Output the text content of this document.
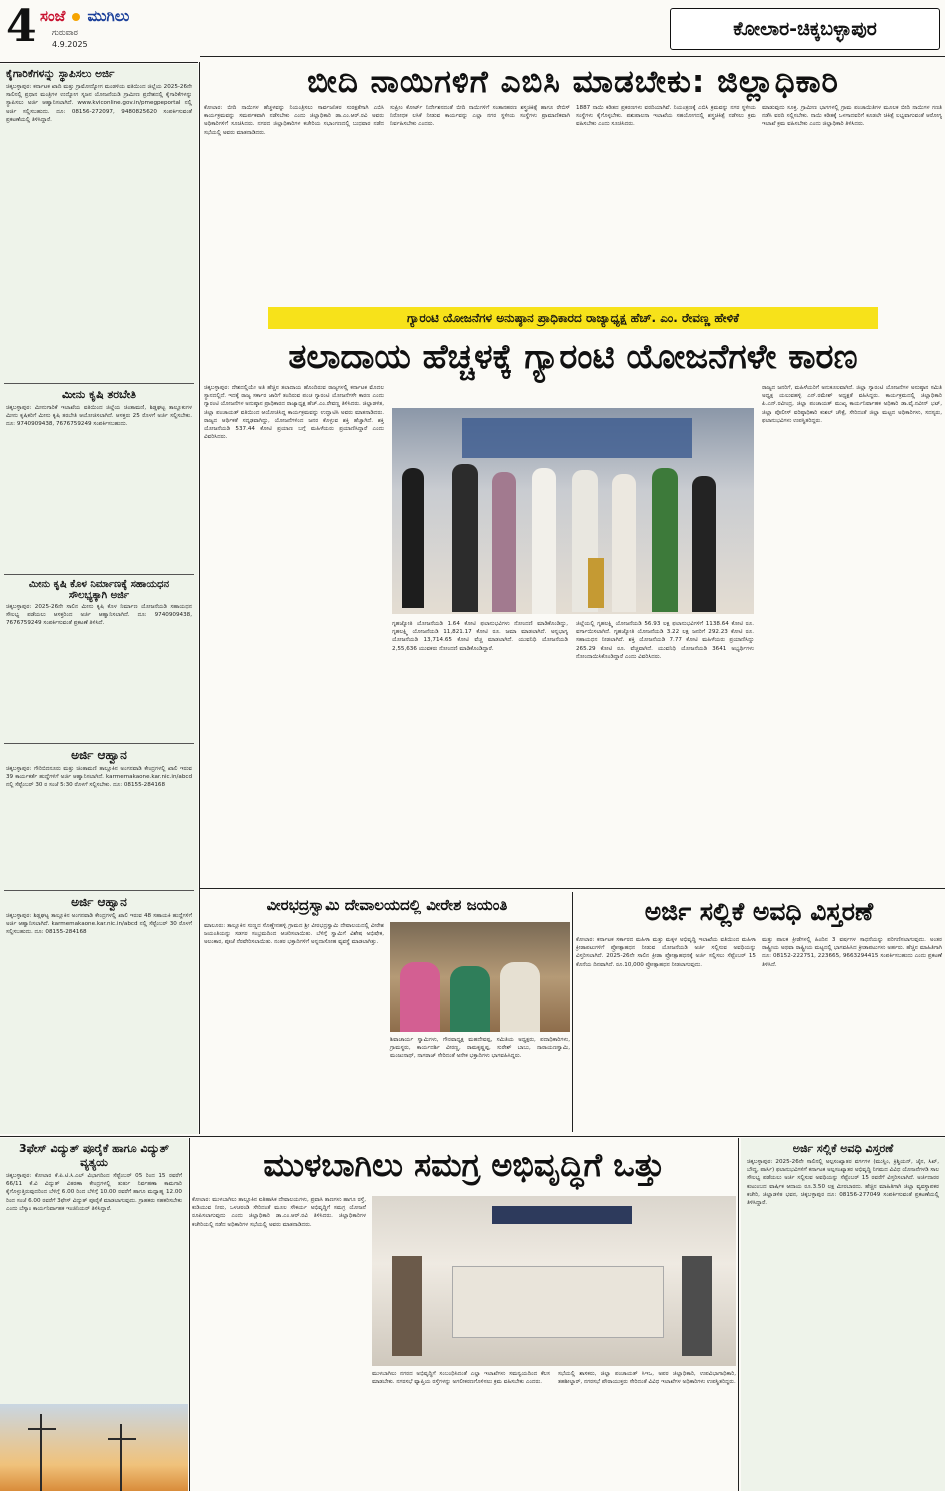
4 ಸಂಜೆ ಮುಗಿಲು
ಗುರುವಾರ
4.9.2025
ಕೋಲಾರ-ಚಿಕ್ಕಬಳ್ಳಾಪುರ
ಕೈಗಾರಿಕೆಗಳನ್ನು ಸ್ಥಾಪಿಸಲು ಅರ್ಜಿ
ಚಿಕ್ಕಬಳ್ಳಾಪುರ: ಕರ್ನಾಟಕ ಖಾದಿ ಮತ್ತು ಗ್ರಾಮೋದ್ಯೋಗ ಮಂಡಳಿಯ ವತಿಯಿಂದ ಜಿಲ್ಲೆಯ 2025-26ನೇ ಸಾಲಿನಲ್ಲಿ ಪ್ರಧಾನ ಮಂತ್ರಿಗಳ ಉದ್ಯೋಗ ಸೃಜನ ಯೋಜನೆಯಡಿ ಗ್ರಾಮೀಣ ಪ್ರದೇಶದಲ್ಲಿ ಕೈಗಾರಿಕೆಗಳನ್ನು ಸ್ಥಾಪಿಸಲು ಅರ್ಜಿ ಆಹ್ವಾನಿಸಲಾಗಿದೆ. www.kviconline.gov.in/pmegpeportal ನಲ್ಲಿ ಅರ್ಜಿ ಸಲ್ಲಿಸಬಹುದು. ದೂ: 08156-272097, 9480825620 ಸಂಪರ್ಕಿಸುವಂತೆ ಪ್ರಕಟಣೆಯಲ್ಲಿ ತಿಳಿಸಿದ್ದಾರೆ.
ಮೀನು ಕೃಷಿ ತರಬೇತಿ
ಚಿಕ್ಕಬಳ್ಳಾಪುರ: ಮೀನುಗಾರಿಕೆ ಇಲಾಖೆಯ ವತಿಯಿಂದ ಜಿಲ್ಲೆಯ ಚಿಂತಾಮಣಿ, ಶಿಡ್ಲಘಟ್ಟ ತಾಲ್ಲೂಕುಗಳ ಮೀನು ಕೃಷಿಕರಿಗೆ ಮೀನು ಕೃಷಿ ತರಬೇತಿ ಆಯೋಜಿಸಲಾಗಿದೆ. ಆಸಕ್ತರು 25 ರೊಳಗೆ ಅರ್ಜಿ ಸಲ್ಲಿಸಬೇಕು. ದೂ: 9740909438, 7676759249 ಸಂಪರ್ಕಿಸಬಹುದು.
ಮೀನು ಕೃಷಿ ಕೊಳ ನಿರ್ಮಾಣಕ್ಕೆ ಸಹಾಯಧನ ಸೌಲಭ್ಯಕ್ಕಾಗಿ ಅರ್ಜಿ
ಚಿಕ್ಕಬಳ್ಳಾಪುರ: 2025-26ನೇ ಸಾಲಿನ ಮೀನು ಕೃಷಿ ಕೊಳ ನಿರ್ಮಾಣ ಯೋಜನೆಯಡಿ ಸಹಾಯಧನ ಸೌಲಭ್ಯ ಪಡೆಯಲು ಆಸಕ್ತರಿಂದ ಅರ್ಜಿ ಆಹ್ವಾನಿಸಲಾಗಿದೆ. ದೂ: 9740909438, 7676759249 ಸಂಪರ್ಕಿಸುವಂತೆ ಪ್ರಕಟಣೆ ತಿಳಿಸಿದೆ.
ಅರ್ಜಿ ಆಹ್ವಾನ
ಚಿಕ್ಕಬಳ್ಳಾಪುರ: ಗೌರಿಬಿದನೂರು ಮತ್ತು ಚಿಂತಾಮಣಿ ತಾಲ್ಲೂಕಿನ ಅಂಗನವಾಡಿ ಕೇಂದ್ರಗಳಲ್ಲಿ ಖಾಲಿ ಇರುವ 39 ಕಾರ್ಯಕರ್ತೆ ಹುದ್ದೆಗಳಿಗೆ ಅರ್ಜಿ ಆಹ್ವಾನಿಸಲಾಗಿದೆ. karmemakaone.kar.nic.in/abcd ನಲ್ಲಿ ಸೆಪ್ಟೆಂಬರ್ 30 ರ ಸಂಜೆ 5:30 ರೊಳಗೆ ಸಲ್ಲಿಸಬೇಕು. ದೂ: 08155-284168
ಅರ್ಜಿ ಆಹ್ವಾನ
ಚಿಕ್ಕಬಳ್ಳಾಪುರ: ಶಿಡ್ಲಘಟ್ಟ ತಾಲ್ಲೂಕಿನ ಅಂಗನವಾಡಿ ಕೇಂದ್ರಗಳಲ್ಲಿ ಖಾಲಿ ಇರುವ 48 ಸಹಾಯಕಿ ಹುದ್ದೆಗಳಿಗೆ ಅರ್ಜಿ ಆಹ್ವಾನಿಸಲಾಗಿದೆ. karmemakaone.kar.nic.in/abcd ನಲ್ಲಿ ಸೆಪ್ಟೆಂಬರ್ 30 ರೊಳಗೆ ಸಲ್ಲಿಸಬಹುದು. ದೂ: 08155-284168
ಬೀದಿ ನಾಯಿಗಳಿಗೆ ಎಬಿಸಿ ಮಾಡಬೇಕು: ಜಿಲ್ಲಾಧಿಕಾರಿ
ಕೋಲಾರ: ಬೀದಿ ನಾಯಿಗಳ ಹೆಚ್ಚಳವನ್ನು ನಿಯಂತ್ರಿಸಲು ಸಾರ್ವಜನಿಕರ ಸುರಕ್ಷತೆಗಾಗಿ ಎಬಿಸಿ ಕಾರ್ಯಕ್ರಮವನ್ನು ಸಮರ್ಪಕವಾಗಿ ನಡೆಸಬೇಕು ಎಂದು ಜಿಲ್ಲಾಧಿಕಾರಿ ಡಾ.ಎಂ.ಆರ್.ರವಿ ಅವರು ಅಧಿಕಾರಿಗಳಿಗೆ ಸೂಚಿಸಿದರು. ನಗರದ ಜಿಲ್ಲಾಧಿಕಾರಿಗಳ ಕಚೇರಿಯ ಸಭಾಂಗಣದಲ್ಲಿ ಬುಧವಾರ ನಡೆದ ಸಭೆಯಲ್ಲಿ ಅವರು ಮಾತನಾಡಿದರು.
ಸುಪ್ರೀಂ ಕೋರ್ಟ್ ನಿರ್ದೇಶನದಂತೆ ಬೀದಿ ನಾಯಿಗಳಿಗೆ ಸಂತಾನಹರಣ ಶಸ್ತ್ರಚಿಕಿತ್ಸೆ ಹಾಗೂ ರೇಬಿಸ್ ನಿರೋಧಕ ಲಸಿಕೆ ನೀಡುವ ಕಾರ್ಯವನ್ನು ಎಲ್ಲಾ ನಗರ ಸ್ಥಳೀಯ ಸಂಸ್ಥೆಗಳು ಪ್ರಾಮಾಣಿಕವಾಗಿ ನಿರ್ವಹಿಸಬೇಕು ಎಂದರು.
1887 ನಾಯಿ ಕಡಿತದ ಪ್ರಕರಣಗಳು ವರದಿಯಾಗಿವೆ. ನಿಯಂತ್ರಣಕ್ಕೆ ಎಬಿಸಿ ಕ್ರಮವನ್ನು ನಗರ ಸ್ಥಳೀಯ ಸಂಸ್ಥೆಗಳು ಕೈಗೊಳ್ಳಬೇಕು. ಪಶುಪಾಲನಾ ಇಲಾಖೆಯ ಸಹಯೋಗದಲ್ಲಿ ಶಸ್ತ್ರಚಿಕಿತ್ಸೆ ನಡೆಸಲು ಕ್ರಮ ವಹಿಸಬೇಕು ಎಂದು ಸೂಚಿಸಿದರು.
ಮಾಡುವುದು ಸೂಕ್ತ. ಗ್ರಾಮೀಣ ಭಾಗಗಳಲ್ಲಿ ಗ್ರಾಮ ಪಂಚಾಯಿತಿಗಳ ಮೂಲಕ ಬೀದಿ ನಾಯಿಗಳ ಗಣತಿ ನಡೆಸಿ ವರದಿ ಸಲ್ಲಿಸಬೇಕು. ನಾಯಿ ಕಡಿತಕ್ಕೆ ಒಳಗಾದವರಿಗೆ ಕೂಡಲೇ ಚಿಕಿತ್ಸೆ ಲಭ್ಯವಾಗುವಂತೆ ಆರೋಗ್ಯ ಇಲಾಖೆ ಕ್ರಮ ವಹಿಸಬೇಕು ಎಂದು ಜಿಲ್ಲಾಧಿಕಾರಿ ತಿಳಿಸಿದರು.
ಗ್ಯಾರಂಟಿ ಯೋಜನೆಗಳ ಅನುಷ್ಠಾನ ಪ್ರಾಧಿಕಾರದ ರಾಜ್ಯಾಧ್ಯಕ್ಷ ಹೆಚ್. ಎಂ. ರೇವಣ್ಣ ಹೇಳಿಕೆ
ತಲಾದಾಯ ಹೆಚ್ಚಳಕ್ಕೆ ಗ್ಯಾರಂಟಿ ಯೋಜನೆಗಳೇ ಕಾರಣ
ಚಿಕ್ಕಬಳ್ಳಾಪುರ: ದೇಶದಲ್ಲಿಯೇ ಅತಿ ಹೆಚ್ಚಿನ ತಲಾದಾಯ ಹೊಂದಿರುವ ರಾಜ್ಯಗಳಲ್ಲಿ ಕರ್ನಾಟಕ ಮೊದಲ ಸ್ಥಾನದಲ್ಲಿದೆ. ಇದಕ್ಕೆ ರಾಜ್ಯ ಸರ್ಕಾರ ಜಾರಿಗೆ ತಂದಿರುವ ಪಂಚ ಗ್ಯಾರಂಟಿ ಯೋಜನೆಗಳೇ ಕಾರಣ ಎಂದು ಗ್ಯಾರಂಟಿ ಯೋಜನೆಗಳ ಅನುಷ್ಠಾನ ಪ್ರಾಧಿಕಾರದ ರಾಜ್ಯಾಧ್ಯಕ್ಷ ಹೆಚ್.ಎಂ.ರೇವಣ್ಣ ತಿಳಿಸಿದರು. ಜಿಲ್ಲಾಡಳಿತ, ಜಿಲ್ಲಾ ಪಂಚಾಯತ್ ವತಿಯಿಂದ ಆಯೋಜಿಸಿದ್ದ ಕಾರ್ಯಕ್ರಮವನ್ನು ಉದ್ಘಾಟಿಸಿ ಅವರು ಮಾತನಾಡಿದರು. ರಾಜ್ಯದ ಆರ್ಥಿಕತೆ ಸದೃಢವಾಗಿದ್ದು, ಯೋಜನೆಗಳಿಂದ ಜನರ ಕೊಳ್ಳುವ ಶಕ್ತಿ ಹೆಚ್ಚಾಗಿದೆ. ಶಕ್ತಿ ಯೋಜನೆಯಡಿ 537.44 ಕೋಟಿ ಪ್ರಯಾಣ ಬಗ್ಗೆ ಮಹಿಳೆಯರು ಪ್ರಯಾಣಿಸಿದ್ದಾರೆ ಎಂದು ವಿವರಿಸಿದರು.
ಗೃಹಜ್ಯೋತಿ ಯೋಜನೆಯಡಿ 1.64 ಕೋಟಿ ಫಲಾನುಭವಿಗಳು ನೋಂದಣಿ ಮಾಡಿಕೊಂಡಿದ್ದು, ಗೃಹಲಕ್ಷ್ಮಿ ಯೋಜನೆಯಡಿ 11,821.17 ಕೋಟಿ ರೂ. ಜಮಾ ಮಾಡಲಾಗಿದೆ. ಅನ್ನಭಾಗ್ಯ ಯೋಜನೆಯಡಿ 13,714.65 ಕೋಟಿ ವೆಚ್ಚ ಮಾಡಲಾಗಿದೆ. ಯುವನಿಧಿ ಯೋಜನೆಯಡಿ 2,55,636 ಯುವಕರು ನೋಂದಣಿ ಮಾಡಿಕೊಂಡಿದ್ದಾರೆ.
ಜಿಲ್ಲೆಯಲ್ಲಿ ಗೃಹಲಕ್ಷ್ಮಿ ಯೋಜನೆಯಡಿ 56.93 ಲಕ್ಷ ಫಲಾನುಭವಿಗಳಿಗೆ 1138.64 ಕೋಟಿ ರೂ. ವರ್ಗಾಯಿಸಲಾಗಿದೆ. ಗೃಹಜ್ಯೋತಿ ಯೋಜನೆಯಡಿ 3.22 ಲಕ್ಷ ಜನರಿಗೆ 292.23 ಕೋಟಿ ರೂ. ಸಹಾಯಧನ ನೀಡಲಾಗಿದೆ. ಶಕ್ತಿ ಯೋಜನೆಯಡಿ 7.77 ಕೋಟಿ ಮಹಿಳೆಯರು ಪ್ರಯಾಣಿಸಿದ್ದು 265.29 ಕೋಟಿ ರೂ. ವೆಚ್ಚವಾಗಿದೆ. ಯುವನಿಧಿ ಯೋಜನೆಯಡಿ 3641 ಅಭ್ಯರ್ಥಿಗಳು ನೋಂದಾಯಿಸಿಕೊಂಡಿದ್ದಾರೆ ಎಂದು ವಿವರಿಸಿದರು.
ರಾಜ್ಯದ ಜನರಿಗೆ, ಮಹಿಳೆಯರಿಗೆ ಅನುಕೂಲವಾಗಿದೆ. ಜಿಲ್ಲಾ ಗ್ಯಾರಂಟಿ ಯೋಜನೆಗಳ ಅನುಷ್ಠಾನ ಸಮಿತಿ ಅಧ್ಯಕ್ಷ ಯಲುವಹಳ್ಳಿ ಎನ್.ರಮೇಶ್ ಅಧ್ಯಕ್ಷತೆ ವಹಿಸಿದ್ದರು. ಕಾರ್ಯಕ್ರಮದಲ್ಲಿ ಜಿಲ್ಲಾಧಿಕಾರಿ ಪಿ.ಎನ್.ರವೀಂದ್ರ, ಜಿಲ್ಲಾ ಪಂಚಾಯತ್ ಮುಖ್ಯ ಕಾರ್ಯನಿರ್ವಾಹಕ ಅಧಿಕಾರಿ ಡಾ.ವೈ.ನವೀನ್ ಭಟ್, ಜಿಲ್ಲಾ ಪೊಲೀಸ್ ವರಿಷ್ಠಾಧಿಕಾರಿ ಕುಶಲ್ ಚೌಕ್ಸೆ, ಸೇರಿದಂತೆ ಜಿಲ್ಲಾ ಮಟ್ಟದ ಅಧಿಕಾರಿಗಳು, ಸದಸ್ಯರು, ಫಲಾನುಭವಿಗಳು ಉಪಸ್ಥಿತರಿದ್ದರು.
ವೀರಭದ್ರಸ್ವಾಮಿ ದೇವಾಲಯದಲ್ಲಿ ವೀರೇಶ ಜಯಂತಿ
ಮಾಲೂರು: ತಾಲ್ಲೂಕಿನ ಸುಣ್ಣದ ಸೊಣ್ಣೇನಹಳ್ಳಿ ಗ್ರಾಮದ ಶ್ರೀ ವೀರಭದ್ರಸ್ವಾಮಿ ದೇವಾಲಯದಲ್ಲಿ ವೀರೇಶ ಜಯಂತಿಯನ್ನು ಸಡಗರ ಸಂಭ್ರಮದಿಂದ ಆಚರಿಸಲಾಯಿತು. ಬೆಳಿಗ್ಗೆ ಸ್ವಾಮಿಗೆ ವಿಶೇಷ ಅಭಿಷೇಕ, ಅಲಂಕಾರ, ಪೂಜೆ ನೆರವೇರಿಸಲಾಯಿತು. ನಂತರ ಭಕ್ತಾದಿಗಳಿಗೆ ಅನ್ನದಾಸೋಹ ವ್ಯವಸ್ಥೆ ಮಾಡಲಾಗಿತ್ತು.
ಶಿವಾಚಾರ್ಯ ಸ್ವಾಮಿಗಳು, ಗೌರವಾಧ್ಯಕ್ಷ ಮಹದೇವಪ್ಪ, ಸಮಿತಿಯ ಅಧ್ಯಕ್ಷರು, ಪದಾಧಿಕಾರಿಗಳು, ಗ್ರಾಮಸ್ಥರು, ಕಾರ್ಯದರ್ಶಿ ವೀರಣ್ಣ, ರಾಮಕೃಷ್ಣಪ್ಪ, ಸುರೇಶ್ ಬಾಬು, ನಾರಾಯಣಸ್ವಾಮಿ, ಮಂಜುನಾಥ್, ನಾಗರಾಜ್ ಸೇರಿದಂತೆ ಅನೇಕ ಭಕ್ತಾದಿಗಳು ಭಾಗವಹಿಸಿದ್ದರು.
ಅರ್ಜಿ ಸಲ್ಲಿಕೆ ಅವಧಿ ವಿಸ್ತರಣೆ
ಕೋಲಾರ: ಕರ್ನಾಟಕ ಸರ್ಕಾರದ ಮಹಿಳಾ ಮತ್ತು ಮಕ್ಕಳ ಅಭಿವೃದ್ಧಿ ಇಲಾಖೆಯ ವತಿಯಿಂದ ಮಹಿಳಾ ಕ್ರೀಡಾಪಟುಗಳಿಗೆ ಪ್ರೋತ್ಸಾಹಧನ ನೀಡುವ ಯೋಜನೆಯಡಿ ಅರ್ಜಿ ಸಲ್ಲಿಸುವ ಅವಧಿಯನ್ನು ವಿಸ್ತರಿಸಲಾಗಿದೆ. 2025-26ನೇ ಸಾಲಿನ ಕ್ರೀಡಾ ಪ್ರೋತ್ಸಾಹಧನಕ್ಕೆ ಅರ್ಜಿ ಸಲ್ಲಿಸಲು ಸೆಪ್ಟೆಂಬರ್ 15 ಕೊನೆಯ ದಿನವಾಗಿದೆ. ರೂ.10,000 ಪ್ರೋತ್ಸಾಹಧನ ನೀಡಲಾಗುವುದು.
ಮತ್ತು ಪಾಲಕ ಕ್ರೀಡೆಗಳಲ್ಲಿ ಹಿಂದಿನ 3 ವರ್ಷಗಳ ಸಾಧನೆಯನ್ನು ಪರಿಗಣಿಸಲಾಗುವುದು. ಅಂತರ ರಾಷ್ಟ್ರೀಯ ಅಥವಾ ರಾಷ್ಟ್ರೀಯ ಮಟ್ಟದಲ್ಲಿ ಭಾಗವಹಿಸಿದ ಕ್ರೀಡಾಪಟುಗಳು ಅರ್ಹರು. ಹೆಚ್ಚಿನ ಮಾಹಿತಿಗಾಗಿ ದೂ: 08152-222751, 223665, 9663294415 ಸಂಪರ್ಕಿಸಬಹುದು ಎಂದು ಪ್ರಕಟಣೆ ತಿಳಿಸಿದೆ.
3ಫೇಸ್ ವಿದ್ಯುತ್ ಪೂರೈಕೆ ಹಾಗೂ ವಿದ್ಯುತ್ ವ್ಯತ್ಯಯ
ಚಿಕ್ಕಬಳ್ಳಾಪುರ: ಕೋಲಾರ ಕೆ.ಪಿ.ಟಿ.ಸಿ.ಎಲ್ ವಿಭಾಗದಿಂದ ಸೆಪ್ಟೆಂಬರ್ 05 ರಿಂದ 15 ರವರೆಗೆ 66/11 ಕೆ.ವಿ ವಿದ್ಯುತ್ ವಿತರಣಾ ಕೇಂದ್ರಗಳಲ್ಲಿ ತುರ್ತು ನಿರ್ವಹಣಾ ಕಾಮಗಾರಿ ಕೈಗೊಳ್ಳುತ್ತಿರುವುದರಿಂದ ಬೆಳಿಗ್ಗೆ 6.00 ರಿಂದ ಬೆಳಿಗ್ಗೆ 10.00 ರವರೆಗೆ ಹಾಗೂ ಮಧ್ಯಾಹ್ನ 12.00 ರಿಂದ ಸಂಜೆ 6.00 ರವರೆಗೆ 3ಫೇಸ್ ವಿದ್ಯುತ್ ಪೂರೈಕೆ ಮಾಡಲಾಗುವುದು. ಗ್ರಾಹಕರು ಸಹಕರಿಸಬೇಕು ಎಂದು ಬೆಸ್ಕಾಂ ಕಾರ್ಯನಿರ್ವಾಹಕ ಇಂಜಿನಿಯರ್ ತಿಳಿಸಿದ್ದಾರೆ.
ಮುಳಬಾಗಿಲು ಸಮಗ್ರ ಅಭಿವೃದ್ಧಿಗೆ ಒತ್ತು
ಕೋಲಾರ: ಮುಳಬಾಗಿಲು ತಾಲ್ಲೂಕಿನ ಐತಿಹಾಸಿಕ ದೇವಾಲಯಗಳು, ಪ್ರವಾಸಿ ತಾಣಗಳು ಹಾಗೂ ರಸ್ತೆ, ಕುಡಿಯುವ ನೀರು, ಒಳಚರಂಡಿ ಸೇರಿದಂತೆ ಮೂಲ ಸೌಕರ್ಯ ಅಭಿವೃದ್ಧಿಗೆ ಸಮಗ್ರ ಯೋಜನೆ ರೂಪಿಸಲಾಗುವುದು ಎಂದು ಜಿಲ್ಲಾಧಿಕಾರಿ ಡಾ.ಎಂ.ಆರ್.ರವಿ ತಿಳಿಸಿದರು. ಜಿಲ್ಲಾಧಿಕಾರಿಗಳ ಕಚೇರಿಯಲ್ಲಿ ನಡೆದ ಅಧಿಕಾರಿಗಳ ಸಭೆಯಲ್ಲಿ ಅವರು ಮಾತನಾಡಿದರು.
ಮುಳಬಾಗಿಲು ನಗರದ ಅಭಿವೃದ್ಧಿಗೆ ಸಂಬಂಧಿಸಿದಂತೆ ಎಲ್ಲಾ ಇಲಾಖೆಗಳು ಸಮನ್ವಯದಿಂದ ಕೆಲಸ ಮಾಡಬೇಕು. ನಗರಸಭೆ ವ್ಯಾಪ್ತಿಯ ರಸ್ತೆಗಳನ್ನು ಅಗಲೀಕರಣಗೊಳಿಸಲು ಕ್ರಮ ವಹಿಸಬೇಕು ಎಂದರು.
ಸಭೆಯಲ್ಲಿ ಶಾಸಕರು, ಜಿಲ್ಲಾ ಪಂಚಾಯತ್ ಸಿಇಒ, ಅಪರ ಜಿಲ್ಲಾಧಿಕಾರಿ, ಉಪವಿಭಾಗಾಧಿಕಾರಿ, ತಹಶೀಲ್ದಾರ್, ನಗರಸಭೆ ಪೌರಾಯುಕ್ತರು ಸೇರಿದಂತೆ ವಿವಿಧ ಇಲಾಖೆಗಳ ಅಧಿಕಾರಿಗಳು ಉಪಸ್ಥಿತರಿದ್ದರು.
ಅರ್ಜಿ ಸಲ್ಲಿಕೆ ಅವಧಿ ವಿಸ್ತರಣೆ
ಚಿಕ್ಕಬಳ್ಳಾಪುರ: 2025-26ನೇ ಸಾಲಿನಲ್ಲಿ ಅಲ್ಪಸಂಖ್ಯಾತರ ವರ್ಗಗಳ (ಮುಸ್ಲಿಂ, ಕ್ರಿಶ್ಚಿಯನ್, ಜೈನ, ಸಿಖ್, ಬೌದ್ಧ, ಪಾರ್ಸಿ) ಫಲಾನುಭವಿಗಳಿಗೆ ಕರ್ನಾಟಕ ಅಲ್ಪಸಂಖ್ಯಾತರ ಅಭಿವೃದ್ಧಿ ನಿಗಮದ ವಿವಿಧ ಯೋಜನೆಗಳಡಿ ಸಾಲ ಸೌಲಭ್ಯ ಪಡೆಯಲು ಅರ್ಜಿ ಸಲ್ಲಿಸುವ ಅವಧಿಯನ್ನು ಸೆಪ್ಟೆಂಬರ್ 15 ರವರೆಗೆ ವಿಸ್ತರಿಸಲಾಗಿದೆ. ಅರ್ಜಿದಾರರ ಕುಟುಂಬದ ವಾರ್ಷಿಕ ಆದಾಯ ರೂ.3.50 ಲಕ್ಷ ಮೀರಬಾರದು. ಹೆಚ್ಚಿನ ಮಾಹಿತಿಗಾಗಿ ಜಿಲ್ಲಾ ವ್ಯವಸ್ಥಾಪಕರ ಕಚೇರಿ, ಜಿಲ್ಲಾಡಳಿತ ಭವನ, ಚಿಕ್ಕಬಳ್ಳಾಪುರ ದೂ: 08156-277049 ಸಂಪರ್ಕಿಸುವಂತೆ ಪ್ರಕಟಣೆಯಲ್ಲಿ ತಿಳಿಸಿದ್ದಾರೆ.
